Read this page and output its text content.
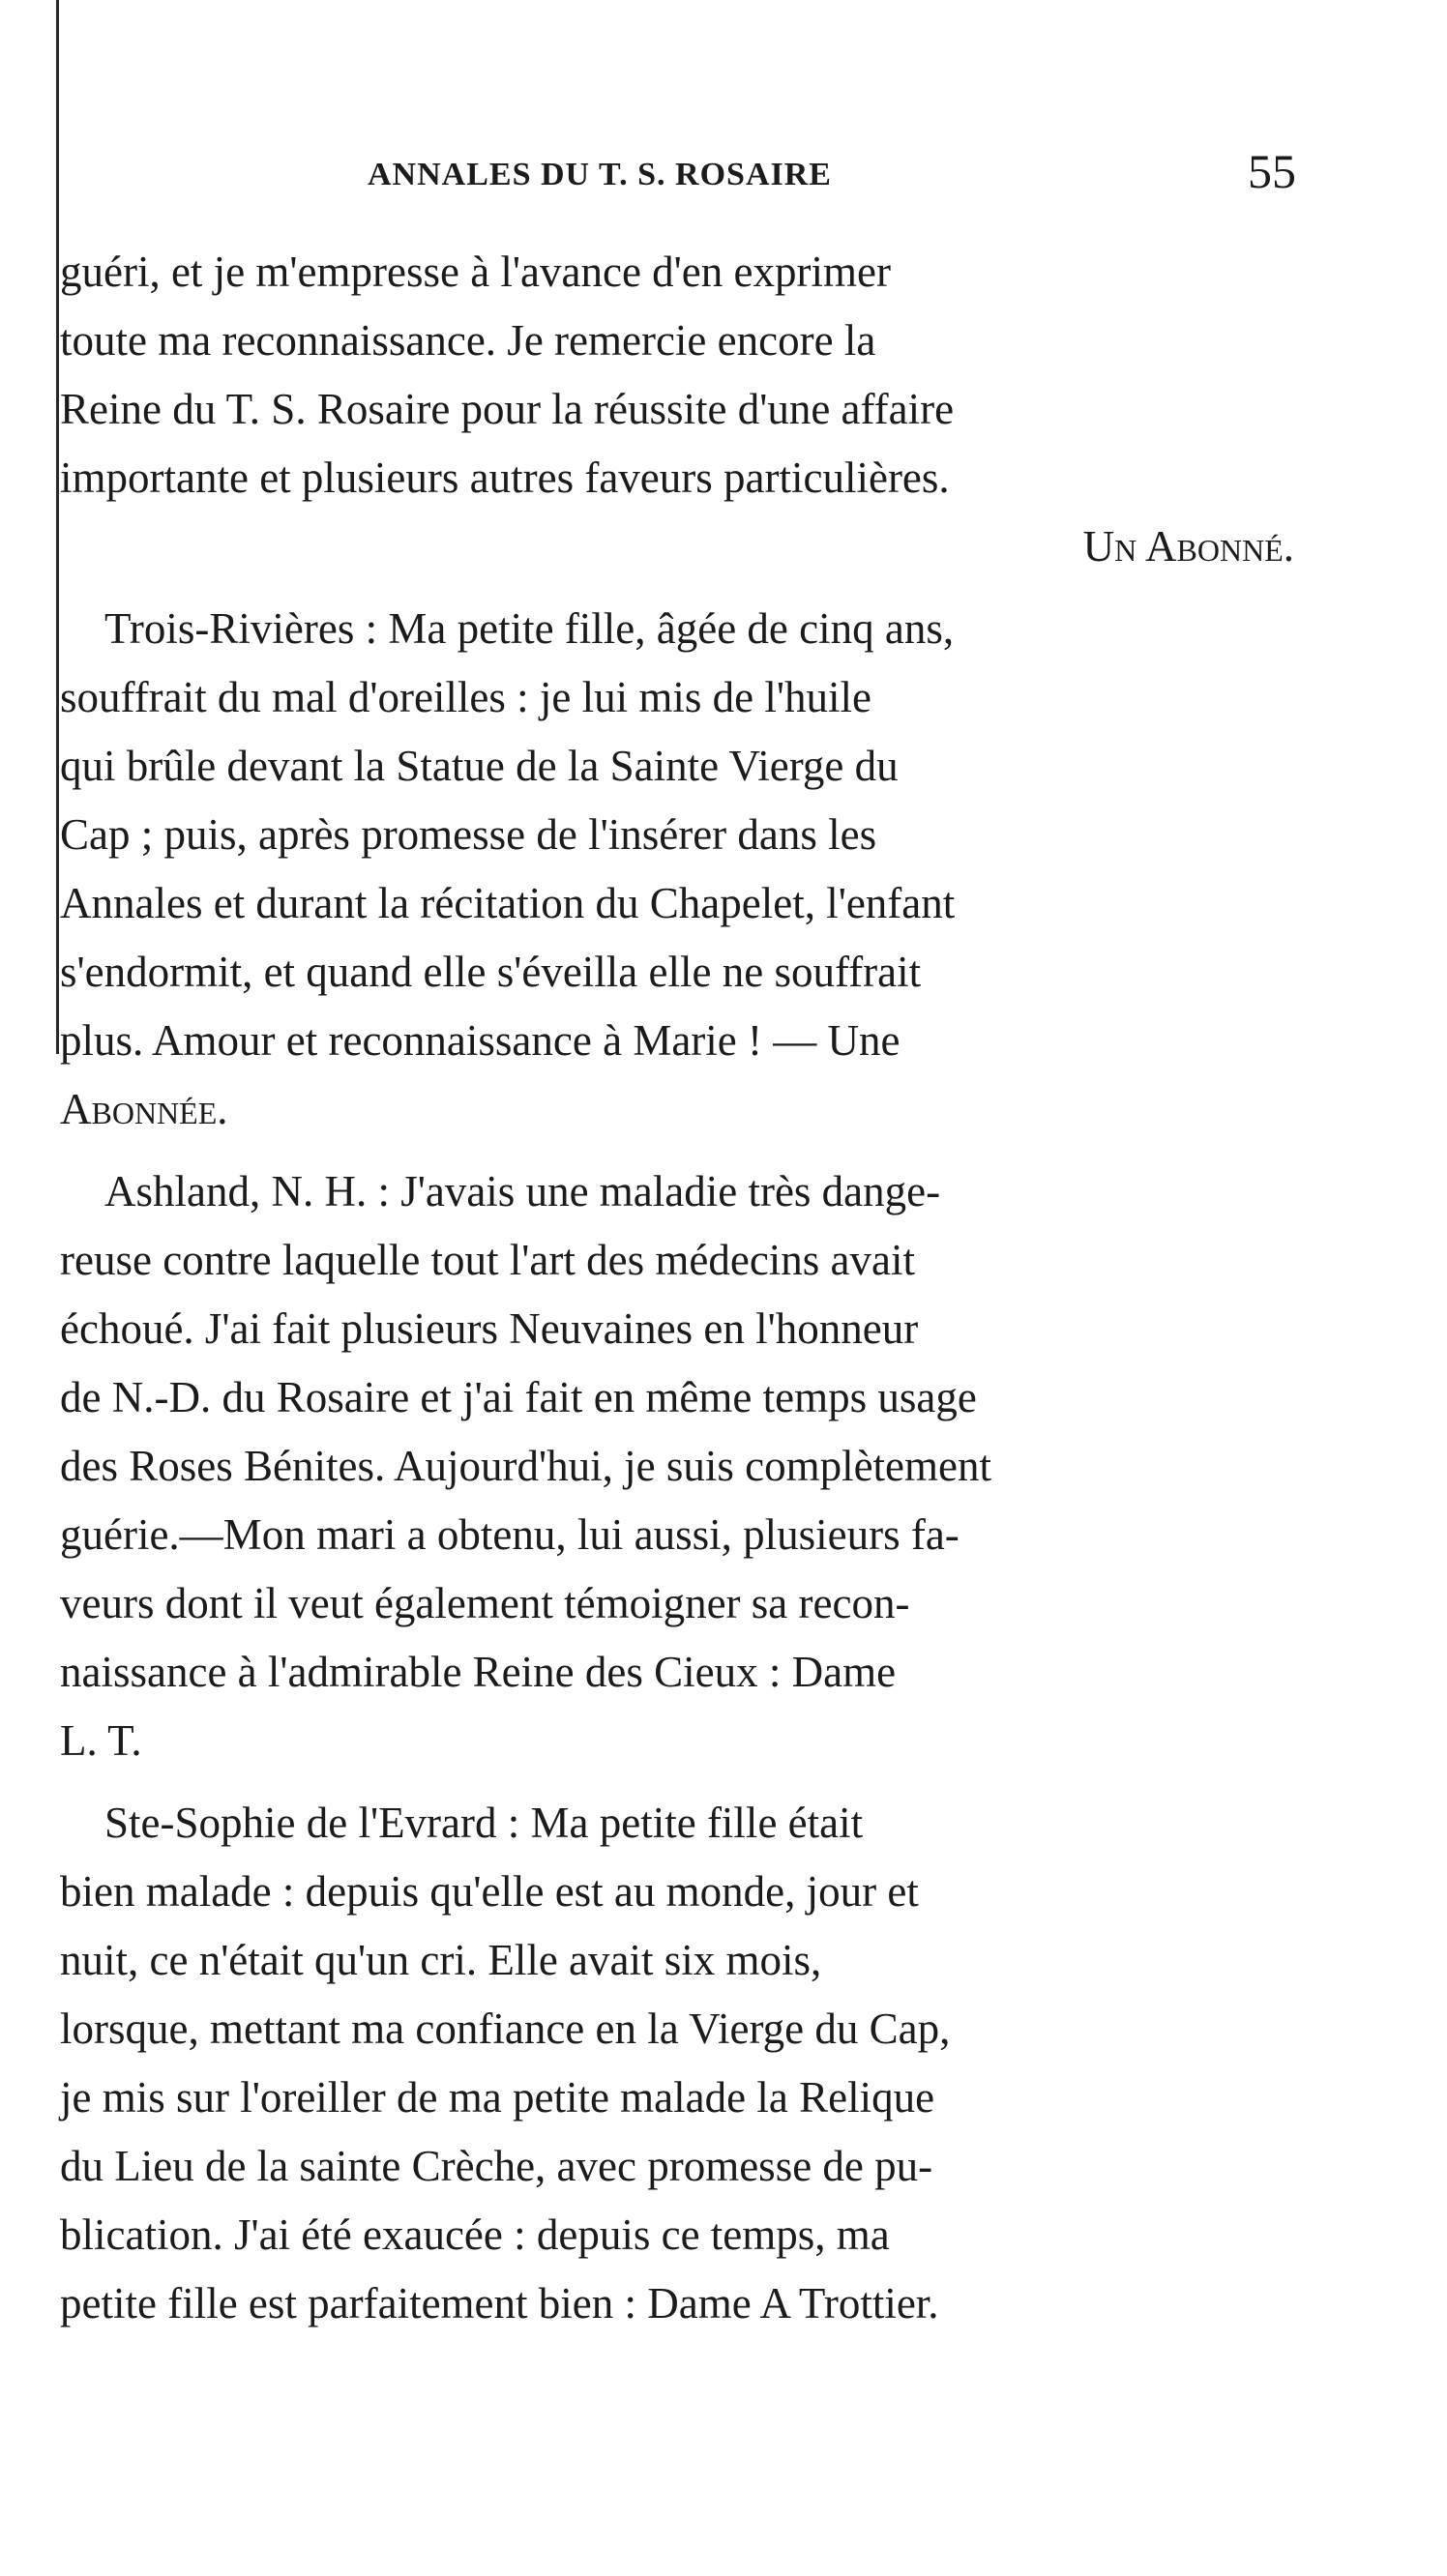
ANNALES DU T. S. ROSAIRE	55
guéri, et je m'empresse à l'avance d'en exprimer
toute ma reconnaissance. Je remercie encore la
Reine du T. S. Rosaire pour la réussite d'une affaire
importante et plusieurs autres faveurs particulières.
Un Abonné.
Trois-Rivières : Ma petite fille, âgée de cinq ans,
souffrait du mal d'oreilles : je lui mis de l'huile
qui brûle devant la Statue de la Sainte Vierge du
Cap ; puis, après promesse de l'insérer dans les
Annales et durant la récitation du Chapelet, l'enfant
s'endormit, et quand elle s'éveilla elle ne souffrait
plus. Amour et reconnaissance à Marie ! — Une
Abonnée.
Ashland, N. H. : J'avais une maladie très dange-
reuse contre laquelle tout l'art des médecins avait
échoué. J'ai fait plusieurs Neuvaines en l'honneur
de N.-D. du Rosaire et j'ai fait en même temps usage
des Roses Bénites. Aujourd'hui, je suis complètement
guérie.—Mon mari a obtenu, lui aussi, plusieurs fa-
veurs dont il veut également témoigner sa recon-
naissance à l'admirable Reine des Cieux : Dame
L. T.
Ste-Sophie de l'Evrard : Ma petite fille était
bien malade : depuis qu'elle est au monde, jour et
nuit, ce n'était qu'un cri. Elle avait six mois,
lorsque, mettant ma confiance en la Vierge du Cap,
je mis sur l'oreiller de ma petite malade la Relique
du Lieu de la sainte Crèche, avec promesse de pu-
blication. J'ai été exaucée : depuis ce temps, ma
petite fille est parfaitement bien : Dame A Trottier.
